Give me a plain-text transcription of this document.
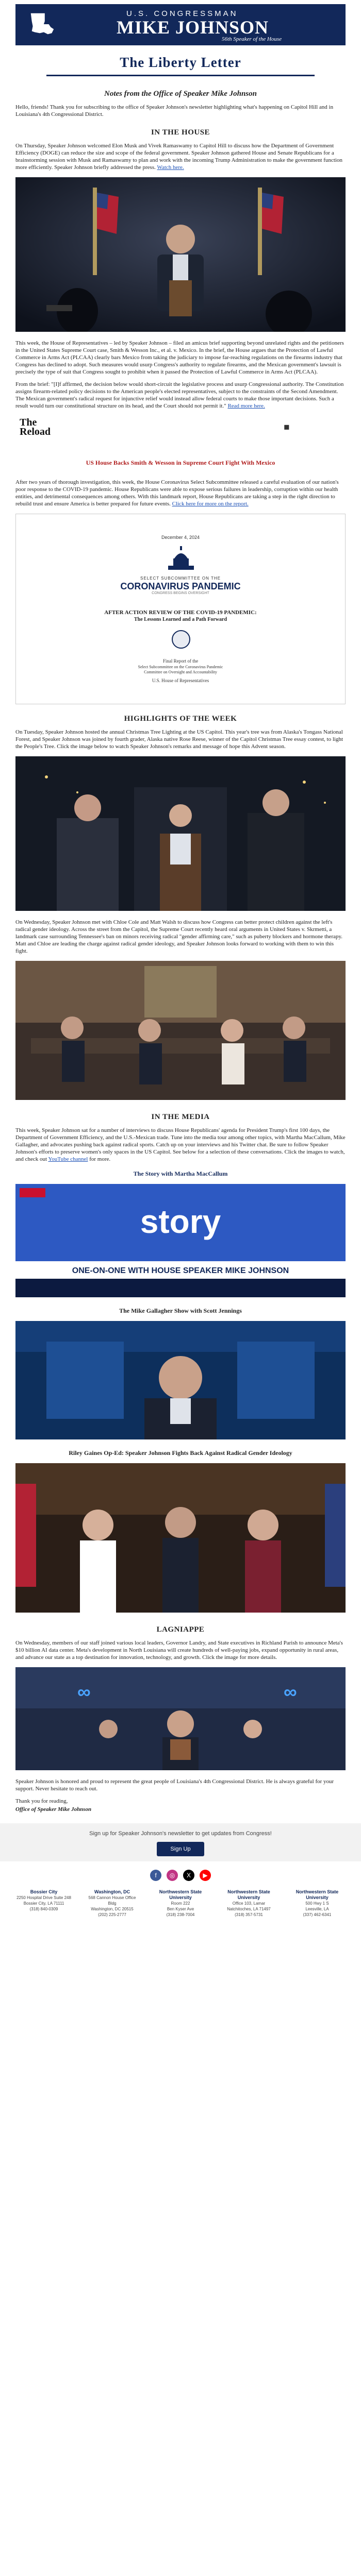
U.S. CONGRESSMAN
MIKE JOHNSON
56th Speaker of the House
The Liberty Letter
Notes from the Office of Speaker Mike Johnson

Hello, friends! Thank you for subscribing to the office of Speaker Johnson's newsletter highlighting what's happening on Capitol Hill and in Louisiana's 4th Congressional District.

IN THE HOUSE

On Thursday, Speaker Johnson welcomed Elon Musk and Vivek Ramaswamy to Capitol Hill to discuss how the Department of Government Efficiency (DOGE) can reduce the size and scope of the federal government. Speaker Johnson gathered House and Senate Republicans for a brainstorming session with Musk and Ramaswamy to plan and work with the incoming Trump Administration to make the government function more efficiently. Speaker Johnson briefly addressed the press. Watch here.

This week, the House of Representatives – led by Speaker Johnson – filed an amicus brief supporting beyond unrelated rights and the petitioners in the United States Supreme Court case, Smith & Wesson Inc., et al. v. Mexico. In the brief, the House argues that the Protection of Lawful Commerce in Arms Act (PLCAA) clearly bars Mexico from taking the judiciary to impose far-reaching regulations on the firearms industry that Congress has declined to adopt. Such measures would usurp Congress's authority to regulate firearms, and the Mexican government's lawsuit is precisely the type of suit that Congress sought to prohibit when it passed the Protection of Lawful Commerce in Arms Act (PLCAA).

From the brief: "[I]f affirmed, the decision below would short-circuit the legislative process and usurp Congressional authority. The Constitution assigns firearm-related policy decisions to the American people's elected representatives, subject to the constraints of the Second Amendment. The Mexican government's radical request for injunctive relief would instead allow federal courts to make those important decisions. Such a result would turn our constitutional structure on its head, and the Court should not permit it." Read more here.

The Reload	◼
US House Backs Smith & Wesson in Supreme Court Fight With Mexico

After two years of thorough investigation, this week, the House Coronavirus Select Subcommittee released a careful evaluation of our nation's poor response to the COVID-19 pandemic. House Republicans were able to expose serious failures in leadership, corruption within our health entities, and detrimental consequences among others. With this landmark report, House Republicans are taking a step in the right direction to rebuild trust and ensure America is better prepared for future events. Click here for more on the report.

December 4, 2024
SELECT SUBCOMMITTEE ON THE
CORONAVIRUS PANDEMIC
CONGRESS BEGINS OVERSIGHT
AFTER ACTION REVIEW OF THE COVID-19 PANDEMIC:
The Lessons Learned and a Path Forward
Final Report of the
Select Subcommittee on the Coronavirus Pandemic
Committee on Oversight and Accountability
U.S. House of Representatives
HIGHLIGHTS OF THE WEEK

On Tuesday, Speaker Johnson hosted the annual Christmas Tree Lighting at the US Capitol. This year's tree was from Alaska's Tongass National Forest, and Speaker Johnson was joined by fourth grader, Alaska native Rose Reese, winner of the Capitol Christmas Tree essay contest, to light the People's Tree. Click the image below to watch Speaker Johnson's remarks and message of hope this Advent season.

On Wednesday, Speaker Johnson met with Chloe Cole and Matt Walsh to discuss how Congress can better protect children against the left's radical gender ideology. Across the street from the Capitol, the Supreme Court recently heard oral arguments in United States v. Skrmetti, a landmark case surrounding Tennessee's ban on minors receiving radical "gender affirming care," such as puberty blockers and hormone therapy. Matt and Chloe are leading the charge against radical gender ideology, and Speaker Johnson looks forward to working with them to win this fight.

IN THE MEDIA

This week, Speaker Johnson sat for a number of interviews to discuss House Republicans' agenda for President Trump's first 100 days, the Department of Government Efficiency, and the U.S.-Mexican trade. Tune into the media tour among other topics, with Martha MacCallum, Mike Gallagher, and advocates pushing back against radical sports. Catch up on your interviews and his Twitter chat. Be sure to follow Speaker Johnson's efforts to preserve women's only spaces in the US Capitol. See below for a selection of these conversations. Click the images to watch, and check out YouTube channel for more.

The Story with Martha MacCallum
story
ONE-ON-ONE WITH HOUSE SPEAKER MIKE JOHNSON
The Mike Gallagher Show with Scott Jennings
Riley Gaines Op-Ed: Speaker Johnson Fights Back Against Radical Gender Ideology
LAGNIAPPE

On Wednesday, members of our staff joined various local leaders, Governor Landry, and State executives in Richland Parish to announce Meta's $10 billion AI data center. Meta's development in North Louisiana will create hundreds of well-paying jobs, expand opportunity in rural areas, and advance our state as a top destination for innovation, technology, and growth. Click the image for more details.

∞	∞

Speaker Johnson is honored and proud to represent the great people of Louisiana's 4th Congressional District. He is always grateful for your support. Never hesitate to reach out.

Thank you for reading,

Office of Speaker Mike Johnson

Sign up for Speaker Johnson's newsletter to get updates from Congress!
Sign Up
f ◎ X ▶
Bossier City
2250 Hospital Drive Suite 248
Bossier City, LA 71111
(318) 840-0309
Washington, DC
568 Cannon House Office Bldg
Washington, DC 20515
(202) 225-2777
Northwestern State University
Room 222
Ben Kyser Ave
(318) 238-7004
Northwestern State University
Office 103, Lamar
Natchitoches, LA 71497
(318) 357-5731
Northwestern State University
500 Hwy 1 S
Leesville, LA
(337) 462-6341
